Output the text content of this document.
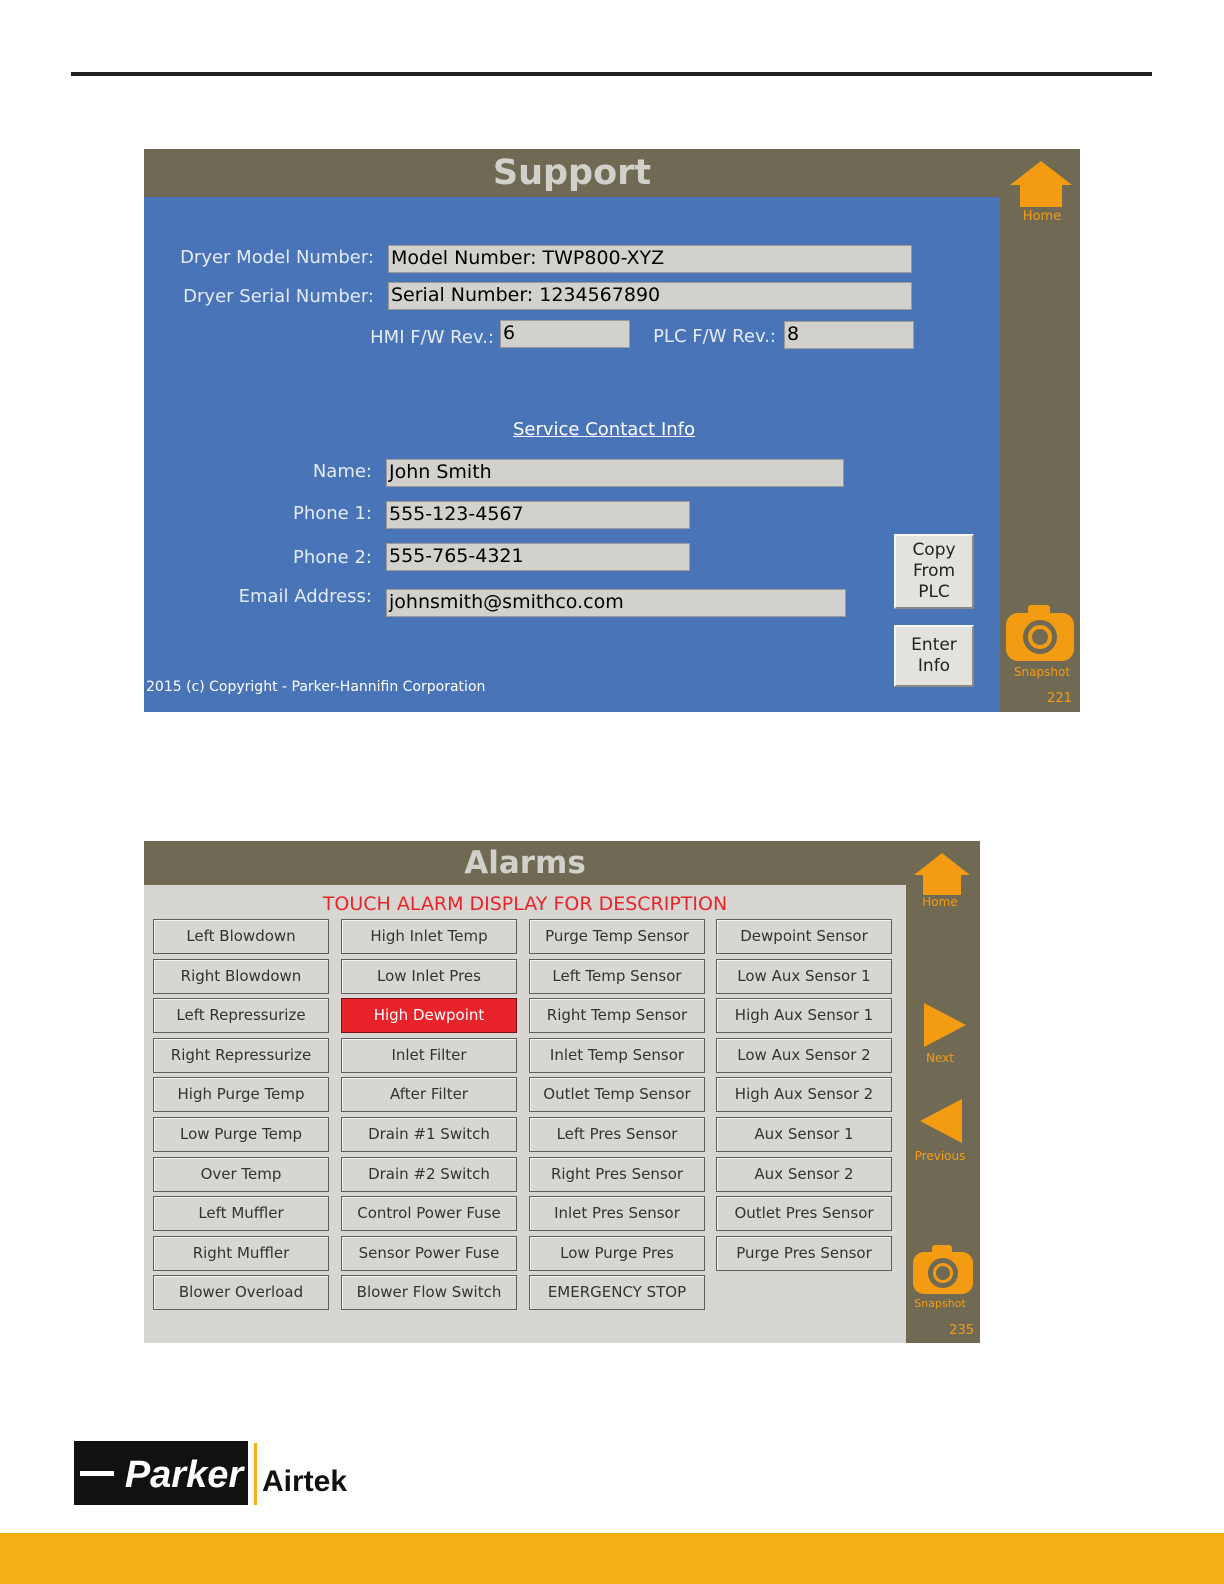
Support
Home
Dryer Model Number: Model Number: TWP800-XYZ
Dryer Serial Number: Serial Number: 1234567890
HMI F/W Rev.: 6	PLC F/W Rev.: 8
Service Contact Info
Name: John Smith
Phone 1: 555-123-4567
Phone 2: 555-765-4321
Email Address: johnsmith@smithco.com
Copy
From
PLC
Enter
Info	Snapshot
221
2015 (c) Copyright - Parker-Hannifin Corporation
Alarms
TOUCH ALARM DISPLAY FOR DESCRIPTION
Left Blowdown
Right Blowdown
Left Repressurize
Right Repressurize
High Purge Temp
Low Purge Temp
Over Temp
Left Muffler
Right Muffler
Blower Overload
High Inlet Temp
Low Inlet Pres
High Dewpoint
Inlet Filter
After Filter
Drain #1 Switch
Drain #2 Switch
Control Power Fuse
Sensor Power Fuse
Blower Flow Switch
Purge Temp Sensor
Left Temp Sensor
Right Temp Sensor
Inlet Temp Sensor
Outlet Temp Sensor
Left Pres Sensor
Right Pres Sensor
Inlet Pres Sensor
Low Purge Pres
EMERGENCY STOP
Dewpoint Sensor
Low Aux Sensor 1
High Aux Sensor 1
Low Aux Sensor 2
High Aux Sensor 2
Aux Sensor 1
Aux Sensor 2
Outlet Pres Sensor
Purge Pres Sensor
Home
Next
Previous
Snapshot
235
Parker Airtek
